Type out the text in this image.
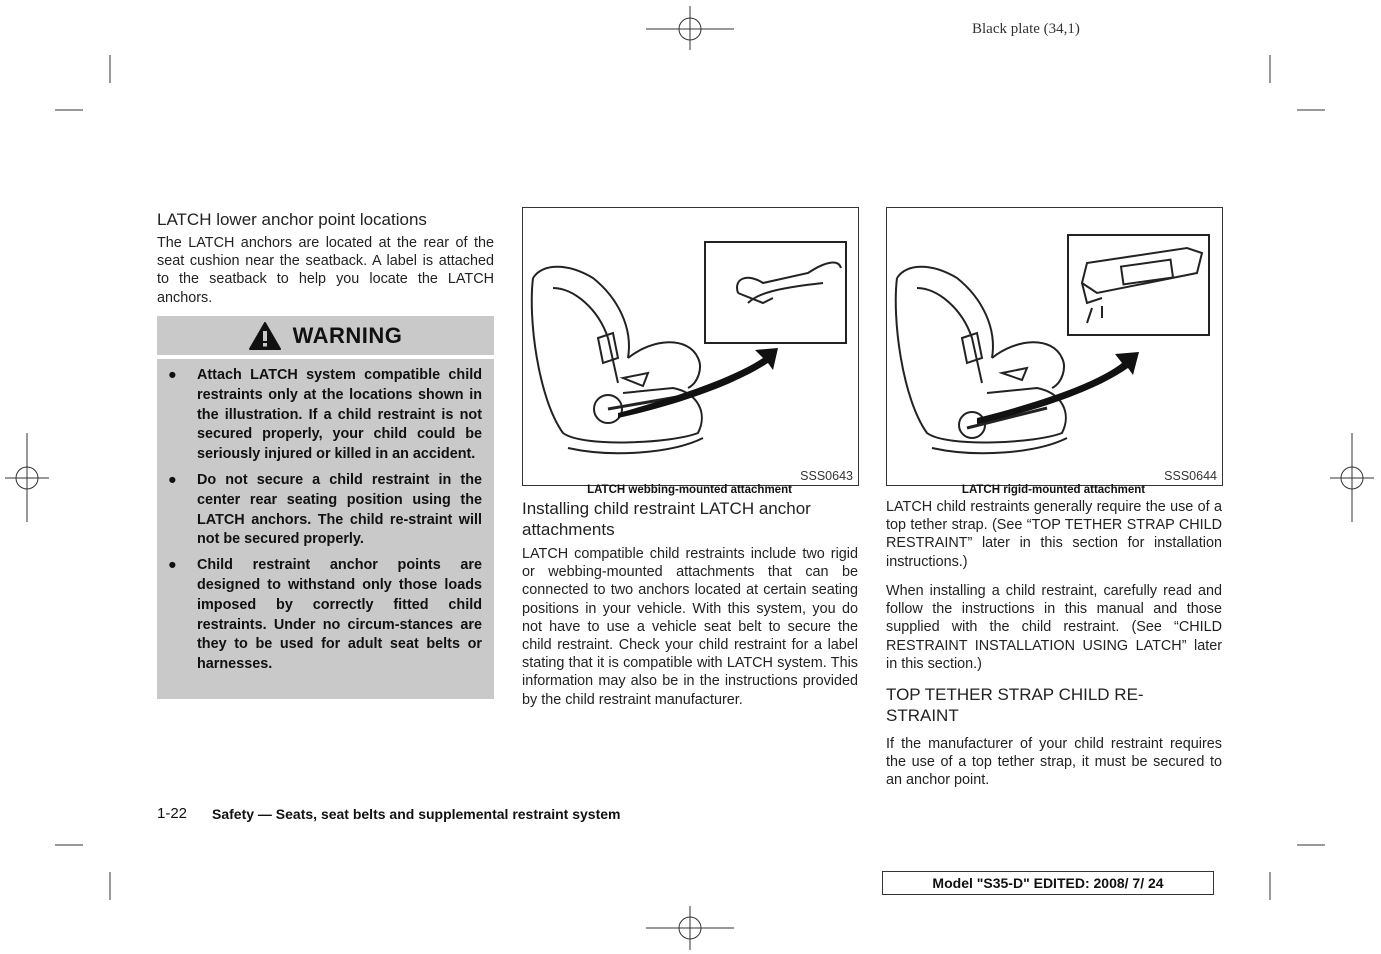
Black plate (34,1)
LATCH lower anchor point locations
The LATCH anchors are located at the rear of the seat cushion near the seatback. A label is attached to the seatback to help you locate the LATCH anchors.
WARNING
● Attach LATCH system compatible child restraints only at the locations shown in the illustration. If a child restraint is not secured properly, your child could be seriously injured or killed in an accident.
● Do not secure a child restraint in the center rear seating position using the LATCH anchors. The child re-straint will not be secured properly.
● Child restraint anchor points are designed to withstand only those loads imposed by correctly fitted child restraints. Under no circum-stances are they to be used for adult seat belts or harnesses.
SSS0643
LATCH webbing-mounted attachment
Installing child restraint LATCH anchor attachments
LATCH compatible child restraints include two rigid or webbing-mounted attachments that can be connected to two anchors located at certain seating positions in your vehicle. With this system, you do not have to use a vehicle seat belt to secure the child restraint. Check your child restraint for a label stating that it is compatible with LATCH system. This information may also be in the instructions provided by the child restraint manufacturer.
SSS0644
LATCH rigid-mounted attachment
LATCH child restraints generally require the use of a top tether strap. (See “TOP TETHER STRAP CHILD RESTRAINT” later in this section for installation instructions.)
When installing a child restraint, carefully read and follow the instructions in this manual and those supplied with the child restraint. (See “CHILD RESTRAINT INSTALLATION USING LATCH” later in this section.)
TOP TETHER STRAP CHILD RE-STRAINT
If the manufacturer of your child restraint requires the use of a top tether strap, it must be secured to an anchor point.
1-22 Safety — Seats, seat belts and supplemental restraint system
Model "S35-D" EDITED: 2008/ 7/ 24
